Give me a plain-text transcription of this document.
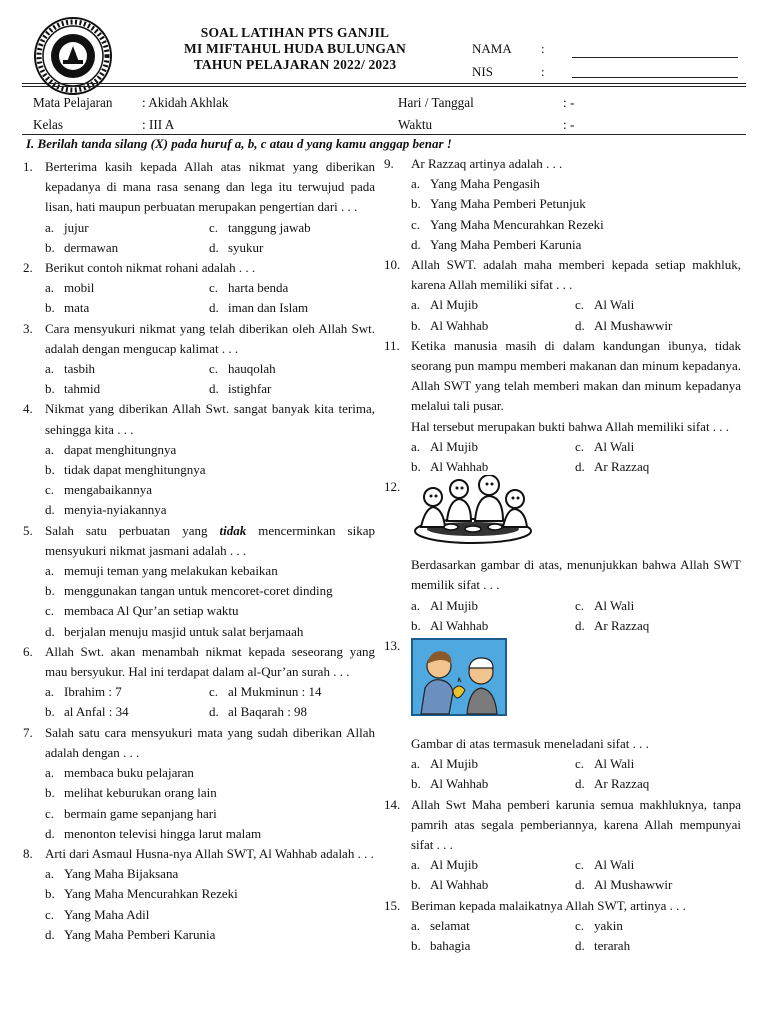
SOAL LATIHAN PTS GANJIL
MI MIFTAHUL HUDA BULUNGAN
TAHUN PELAJARAN 2022/ 2023
NAMA :
NIS	:
Mata Pelajaran : Akidah Akhlak	Hari / Tanggal	: -
Kelas	: III A	Waktu	: -
I. Berilah tanda silang (X) pada huruf a, b, c atau d yang kamu anggap benar !
1. Berterima kasih kepada Allah atas nikmat yang diberikan kepadanya di mana rasa senang dan lega itu terwujud pada lisan, hati maupun perbuatan merupakan pengertian dari . . .
a. jujur	c. tanggung jawab
b. dermawan	d. syukur
2. Berikut contoh nikmat rohani adalah . . .
a. mobil	c. harta benda
b. mata	d. iman dan Islam
3. Cara mensyukuri nikmat yang telah diberikan oleh Allah Swt. adalah dengan mengucap kalimat . . .
a. tasbih	c. hauqolah
b. tahmid	d. istighfar
4. Nikmat yang diberikan Allah Swt. sangat banyak kita terima, sehingga kita . . .
a. dapat menghitungnya
b. tidak dapat menghitungnya
c. mengabaikannya
d. menyia-nyiakannya
5. Salah satu perbuatan yang tidak mencerminkan sikap mensyukuri nikmat jasmani adalah . . .
a. memuji teman yang melakukan kebaikan
b. menggunakan tangan untuk mencoret-coret dinding
c. membaca Al Qur’an setiap waktu
d. berjalan menuju masjid untuk salat berjamaah
6. Allah Swt. akan menambah nikmat kepada seseorang yang mau bersyukur. Hal ini terdapat dalam al-Qur’an surah . . .
a. Ibrahim : 7	c. al Mukminun : 14
b. al Anfal : 34	d. al Baqarah : 98
7. Salah satu cara mensyukuri mata yang sudah diberikan Allah adalah dengan . . .
a. membaca buku pelajaran
b. melihat keburukan orang lain
c. bermain game sepanjang hari
d. menonton televisi hingga larut malam
8. Arti dari Asmaul Husna-nya Allah SWT, Al Wahhab adalah . . .
a. Yang Maha Bijaksana
b. Yang Maha Mencurahkan Rezeki
c. Yang Maha Adil
d. Yang Maha Pemberi Karunia
9. Ar Razzaq artinya adalah . . .
a. Yang Maha Pengasih
b. Yang Maha Pemberi Petunjuk
c. Yang Maha Mencurahkan Rezeki
d. Yang Maha Pemberi Karunia
10. Allah SWT. adalah maha memberi kepada setiap makhluk, karena Allah memiliki sifat . . .
a. Al Mujib	c. Al Wali
b. Al Wahhab	d. Al Mushawwir
11. Ketika manusia masih di dalam kandungan ibunya, tidak seorang pun mampu memberi makanan dan minum kepadanya. Allah SWT yang telah memberi makan dan minum kepadanya melalui tali pusar.
Hal tersebut merupakan bukti bahwa Allah memiliki sifat . . .
a. Al Mujib	c. Al Wali
b. Al Wahhab	d. Ar Razzaq
12.
Berdasarkan gambar di atas, menunjukkan bahwa Allah SWT memilik sifat . . .
a. Al Mujib	c. Al Wali
b. Al Wahhab	d. Ar Razzaq
13.
Gambar di atas termasuk meneladani sifat . . .
a. Al Mujib	c. Al Wali
b. Al Wahhab	d. Ar Razzaq
14. Allah Swt Maha pemberi karunia semua makhluknya, tanpa pamrih atas segala pemberiannya, karena Allah mempunyai sifat . . .
a. Al Mujib	c. Al Wali
b. Al Wahhab	d. Al Mushawwir
15. Beriman kepada malaikatnya Allah SWT, artinya . . .
a. selamat	c. yakin
b. bahagia	d. terarah
